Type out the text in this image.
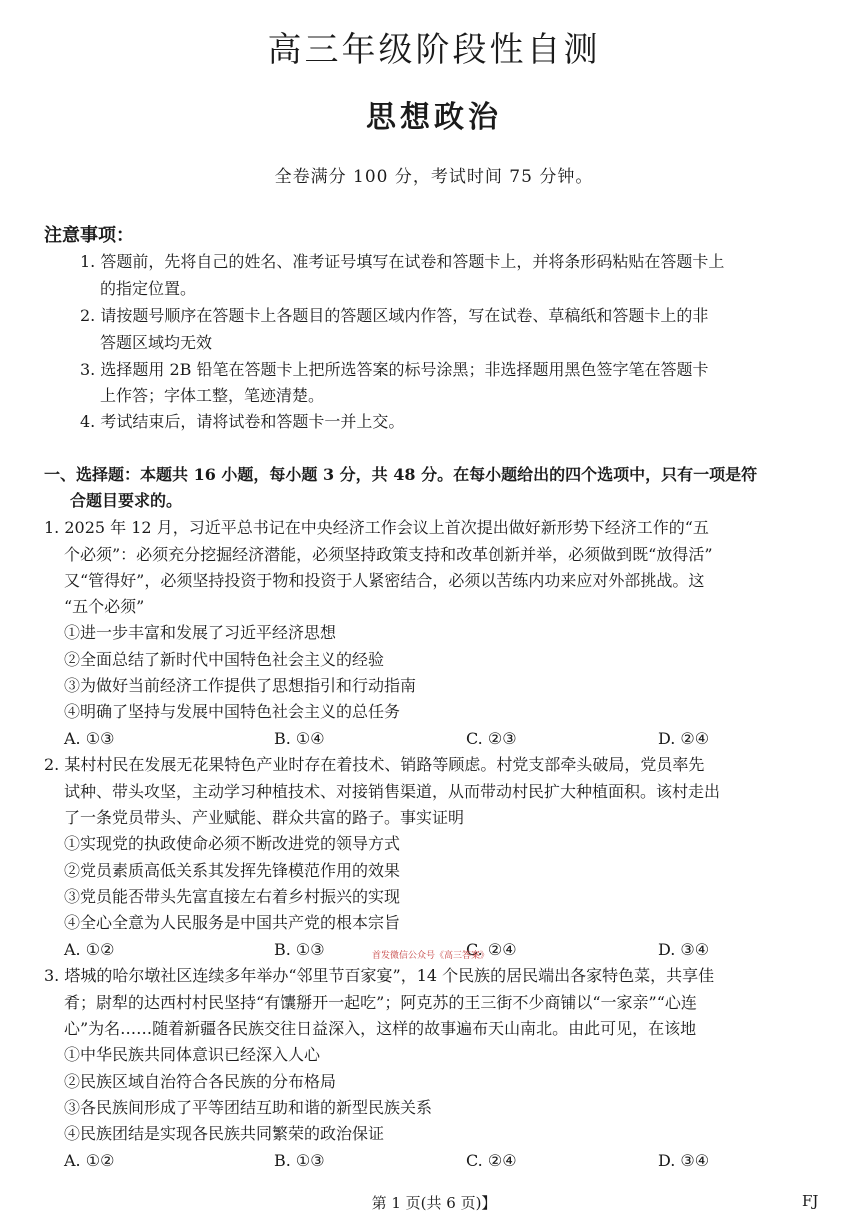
高三年级阶段性自测
思想政治
全卷满分 100 分，考试时间 75 分钟。
注意事项：
1. 答题前，先将自己的姓名、准考证号填写在试卷和答题卡上，并将条形码粘贴在答题卡上
的指定位置。
2. 请按题号顺序在答题卡上各题目的答题区域内作答，写在试卷、草稿纸和答题卡上的非
答题区域均无效
3. 选择题用 2B 铅笔在答题卡上把所选答案的标号涂黑；非选择题用黑色签字笔在答题卡
上作答；字体工整，笔迹清楚。
4. 考试结束后，请将试卷和答题卡一并上交。
一、选择题：本题共 16 小题，每小题 3 分，共 48 分。在每小题给出的四个选项中，只有一项是符
合题目要求的。
1. 2025 年 12 月，习近平总书记在中央经济工作会议上首次提出做好新形势下经济工作的“五
个必须”：必须充分挖掘经济潜能，必须坚持政策支持和改革创新并举，必须做到既“放得活”
又“管得好”，必须坚持投资于物和投资于人紧密结合，必须以苦练内功来应对外部挑战。这
“五个必须”
①进一步丰富和发展了习近平经济思想
②全面总结了新时代中国特色社会主义的经验
③为做好当前经济工作提供了思想指引和行动指南
④明确了坚持与发展中国特色社会主义的总任务
A. ①③	B. ①④	C. ②③	D. ②④
2. 某村村民在发展无花果特色产业时存在着技术、销路等顾虑。村党支部牵头破局，党员率先
试种、带头攻坚，主动学习种植技术、对接销售渠道，从而带动村民扩大种植面积。该村走出
了一条党员带头、产业赋能、群众共富的路子。事实证明
①实现党的执政使命必须不断改进党的领导方式
②党员素质高低关系其发挥先锋模范作用的效果
③党员能否带头先富直接左右着乡村振兴的实现
④全心全意为人民服务是中国共产党的根本宗旨
A. ①②	B. ①③	C. ②④	D. ③④
首发微信公众号《高三答案》
3. 塔城的哈尔墩社区连续多年举办“邻里节百家宴”，14 个民族的居民端出各家特色菜，共享佳
肴；尉犁的达西村村民坚持“有馕掰开一起吃”；阿克苏的王三街不少商铺以“一家亲”“心连
心”为名……随着新疆各民族交往日益深入，这样的故事遍布天山南北。由此可见，在该地
①中华民族共同体意识已经深入人心
②民族区域自治符合各民族的分布格局
③各民族间形成了平等团结互助和谐的新型民族关系
④民族团结是实现各民族共同繁荣的政治保证
A. ①②	B. ①③	C. ②④	D. ③④
第 1 页(共 6 页)】	FJ
